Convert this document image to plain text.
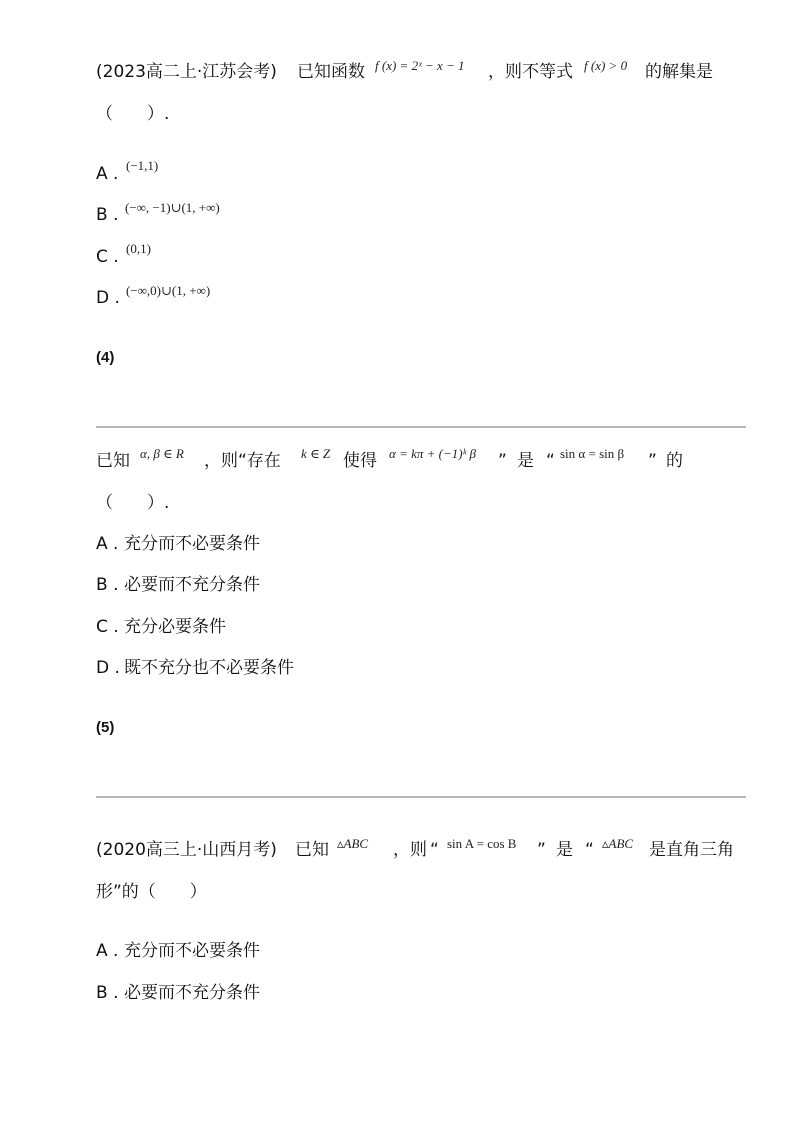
(2023高二上·江苏会考) 已知函数 f (x) = 2ˣ − x − 1 ，则不等式 f (x) > 0 的解集是
（　　）.
A . (−1,1)
B . (−∞, −1)∪(1, +∞)
C . (0,1)
D . (−∞,0)∪(1, +∞)
(4)
已知 α, β ∈ R ，则“存在 k ∈ Z 使得 α = kπ + (−1)ᵏ β ” 是 “ sin α = sin β ” 的
（　　）.
A . 充分而不必要条件
B . 必要而不充分条件
C . 充分必要条件
D . 既不充分也不必要条件
(5)
(2020高三上·山西月考) 已知 ▵ABC ，则 “ sin A = cos B ” 是 “ ▵ABC 是直角三角
形”的（　　）
A . 充分而不必要条件
B . 必要而不充分条件
